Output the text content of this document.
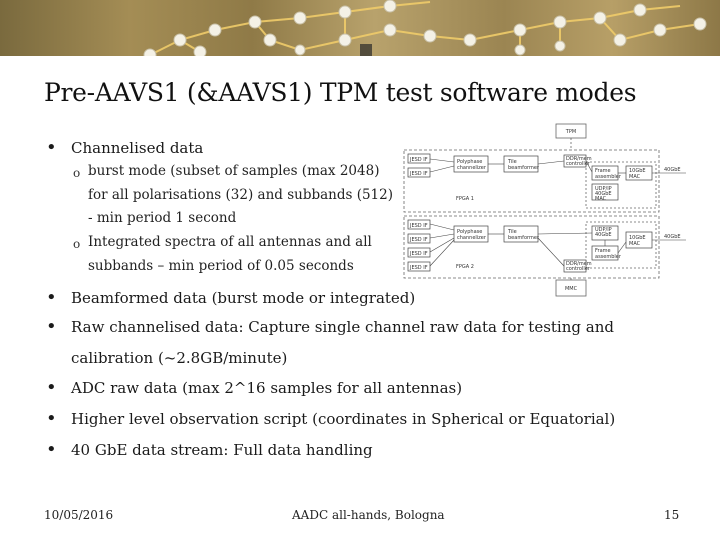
Pre-AAVS1 (&AAVS1) TPM test software modes
• Channelised data
o burst mode (subset of samples (max 2048)
for all polarisations (32) and subbands (512)
- min period 1 second
o Integrated spectra of all antennas and all
subbands – min period of 0.05 seconds
• Beamformed data (burst mode or integrated)
• Raw channelised data: Capture single channel raw data for testing and
calibration (~2.8GB/minute)
• ADC raw data (max 2^16 samples for all antennas)
• Higher level observation script (coordinates in Spherical or Equatorial)
• 40 GbE data stream: Full data handling
TPM
MMC
FPGA 1
FPGA 2
JESD IF
JESD IF
JESD IF
JESD IF
JESD IF
JESD IF
Polyphase
channelizer
Polyphase
channelizer
Tile
beamformer
Tile
beamformer
DDR/mem
controller
DDR/mem
controller
Frame
assembler
Frame
assembler
UDP/IP
40GbE
MAC
UDP/IP
40GbE
10GbE
MAC
10GbE
MAC
40GbE
40GbE
10/05/2016	AADC all-hands, Bologna	15
